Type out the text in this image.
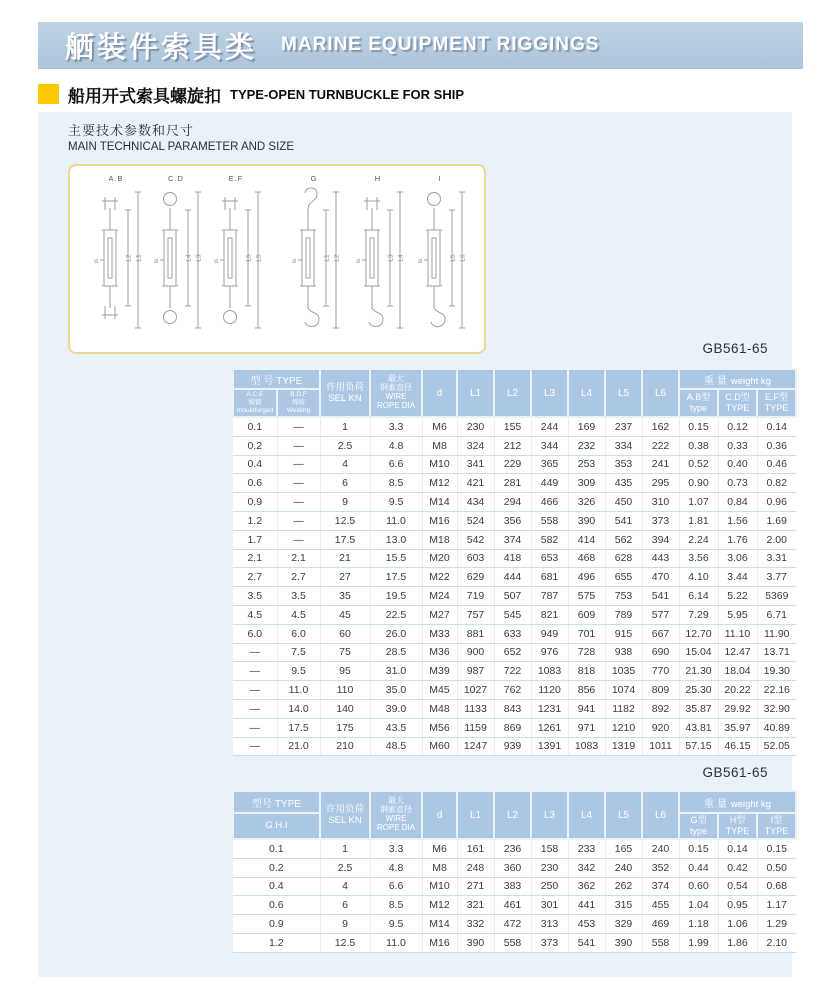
舾装件索具类 MARINE EQUIPMENT RIGGINGS
船用开式索具螺旋扣 TYPE-OPEN TURNBUCKLE FOR SHIP
主要技术参数和尺寸
MAIN TECHNICAL PARAMETER AND SIZE
A.B
L2 L1
d
C.D
L4 L3
d
E.F
L6 L5
d
G
L1 L2
d
H
L3 L4
d
I
L5 L6
d
GB561-65
型 号 TYPE		许用负荷
SEL KN	最大
钢索直径
WIRE
ROPE DIA	d	L1	L2	L3	L4	L5	L6	重 量 weight kg		

A.C.E
模锻
mouldforged	B.D.F
焊接
Welding										A.B型
type	C.D型
TYPE	E.F型
TYPE

0.1	—	1	3.3	M6	230	155	244	169	237	162	0.15	0.12	0.14
0.2	—	2.5	4.8	M8	324	212	344	232	334	222	0.38	0.33	0.36
0.4	—	4	6.6	M10	341	229	365	253	353	241	0.52	0.40	0.46
0.6	—	6	8.5	M12	421	281	449	309	435	295	0.90	0.73	0.82
0.9	—	9	9.5	M14	434	294	466	326	450	310	1.07	0.84	0.96
1.2	—	12.5	11.0	M16	524	356	558	390	541	373	1.81	1.56	1.69
1.7	—	17.5	13.0	M18	542	374	582	414	562	394	2.24	1.76	2.00
2.1	2.1	21	15.5	M20	603	418	653	468	628	443	3.56	3.06	3.31
2.7	2.7	27	17.5	M22	629	444	681	496	655	470	4.10	3.44	3.77
3.5	3.5	35	19.5	M24	719	507	787	575	753	541	6.14	5.22	5369
4.5	4.5	45	22.5	M27	757	545	821	609	789	577	7.29	5.95	6.71
6.0	6.0	60	26.0	M33	881	633	949	701	915	667	12.70	11.10	11.90
—	7.5	75	28.5	M36	900	652	976	728	938	690	15.04	12.47	13.71
—	9.5	95	31.0	M39	987	722	1083	818	1035	770	21.30	18.04	19.30
—	11.0	110	35.0	M45	1027	762	1120	856	1074	809	25.30	20.22	22.16
—	14.0	140	39.0	M48	1133	843	1231	941	1182	892	35.87	29.92	32.90
—	17.5	175	43.5	M56	1159	869	1261	971	1210	920	43.81	35.97	40.89
—	21.0	210	48.5	M60	1247	939	1391	1083	1319	1011	57.15	46.15	52.05
GB561-65
型号 TYPE	许用负荷
SEL KN	最大
钢索直径
WIRE
ROPE DIA	d	L1	L2	L3	L4	L5	L6	重 量 weight kg		
G.H.I										G型
type	H型
TYPE	I型
TYPE

0.1	1	3.3	M6	161	236	158	233	165	240	0.15	0.14	0.15
0.2	2.5	4.8	M8	248	360	230	342	240	352	0.44	0.42	0.50
0.4	4	6.6	M10	271	383	250	362	262	374	0.60	0.54	0.68
0.6	6	8.5	M12	321	461	301	441	315	455	1.04	0.95	1.17
0.9	9	9.5	M14	332	472	313	453	329	469	1.18	1.06	1.29
1.2	12.5	11.0	M16	390	558	373	541	390	558	1.99	1.86	2.10
